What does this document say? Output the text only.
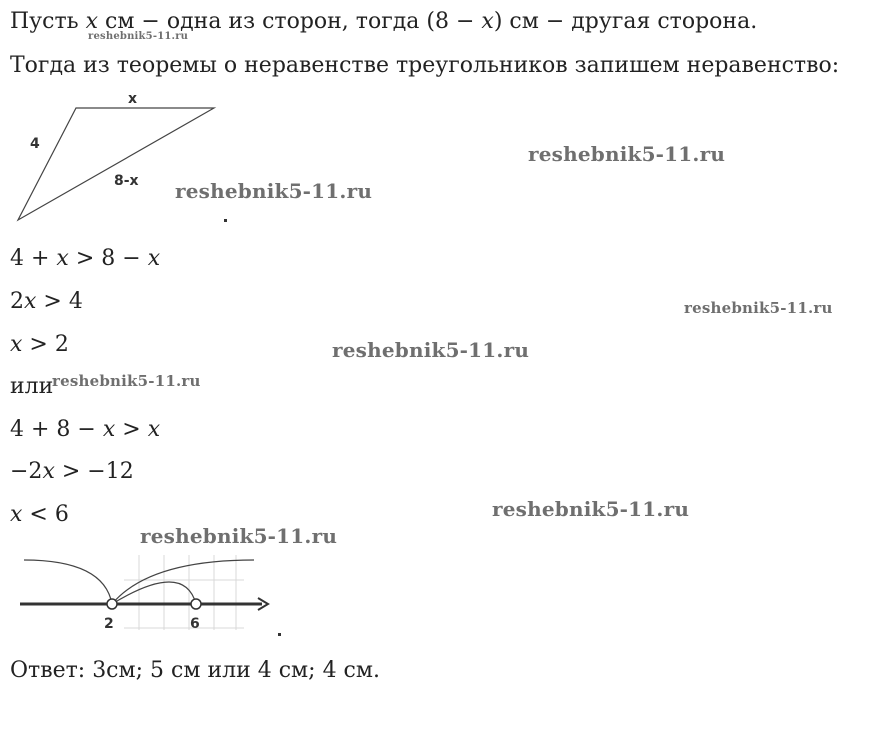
Пусть x см − одна из сторон, тогда (8 − x) см − другая сторона.
Тогда из теоремы о неравенстве треугольников запишем неравенство:
4
x
8-x
4 + x > 8 − x
2x > 4
x > 2
или
4 + 8 − x > x
−2x > −12
x < 6
2	6
Ответ: 3см; 5 см или 4 см; 4 см.
reshebnik5-11.ru
reshebnik5-11.ru
reshebnik5-11.ru
reshebnik5-11.ru
reshebnik5-11.ru
reshebnik5-11.ru
reshebnik5-11.ru
reshebnik5-11.ru
